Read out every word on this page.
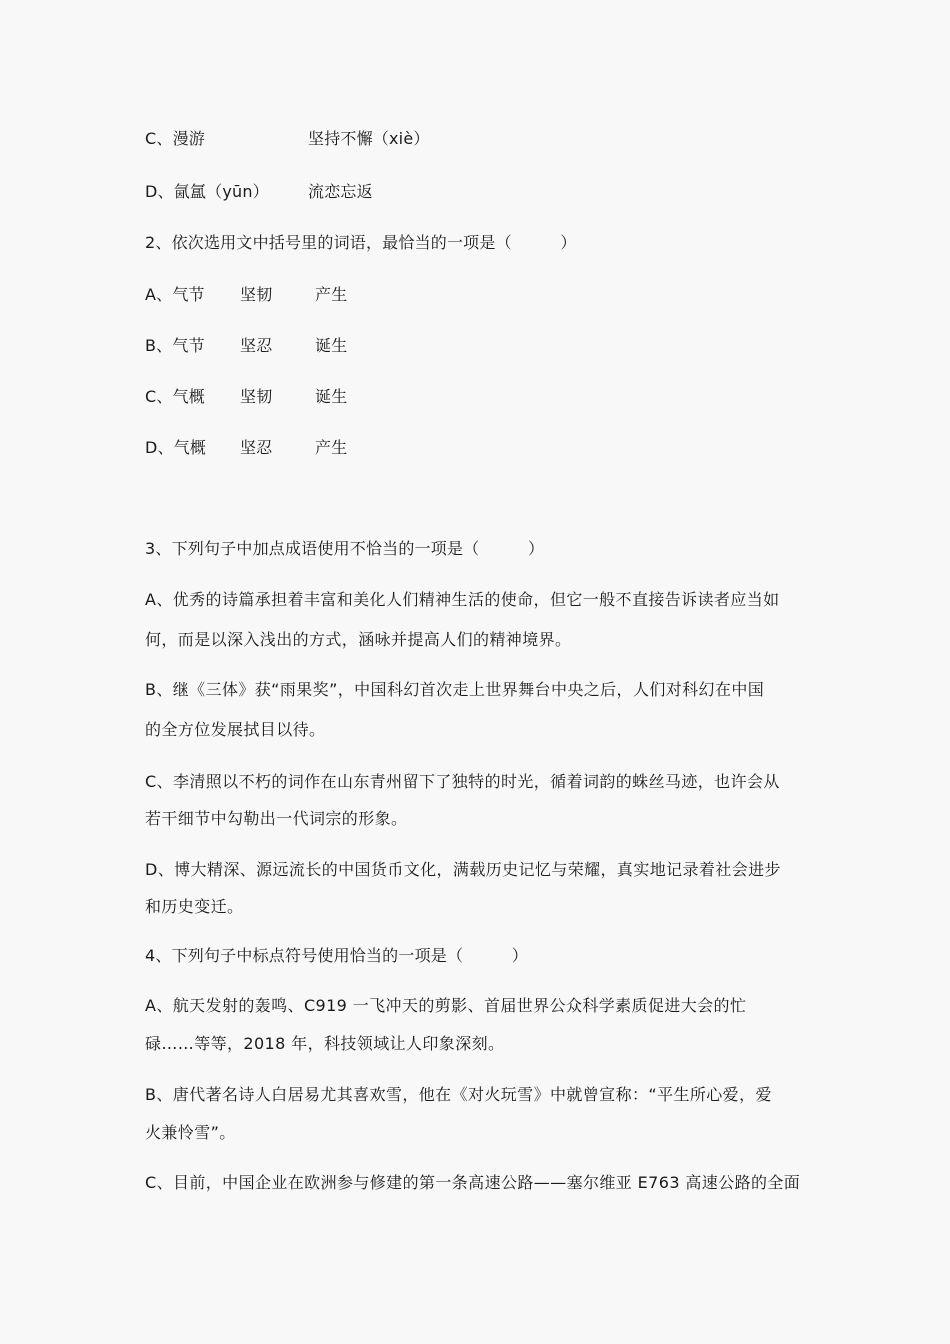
C、漫游	坚持不懈（xiè）
D、氤氲（yūn） 流恋忘返
2、依次选用文中括号里的词语，最恰当的一项是（　　　）
A、气节 坚韧	产生
B、气节 坚忍	诞生
C、气概 坚韧	诞生
D、气概 坚忍	产生
3、下列句子中加点成语使用不恰当的一项是（　　　）
A、优秀的诗篇承担着丰富和美化人们精神生活的使命，但它一般不直接告诉读者应当如
何，而是以深入浅出的方式，涵咏并提高人们的精神境界。
B、继《三体》获“雨果奖”，中国科幻首次走上世界舞台中央之后，人们对科幻在中国
的全方位发展拭目以待。
C、李清照以不朽的词作在山东青州留下了独特的时光，循着词韵的蛛丝马迹，也许会从
若干细节中勾勒出一代词宗的形象。
D、博大精深、源远流长的中国货币文化，满载历史记忆与荣耀，真实地记录着社会进步
和历史变迁。
4、下列句子中标点符号使用恰当的一项是（　　　）
A、航天发射的轰鸣、C919 一飞冲天的剪影、首届世界公众科学素质促进大会的忙
碌……等等，2018 年，科技领域让人印象深刻。
B、唐代著名诗人白居易尤其喜欢雪，他在《对火玩雪》中就曾宣称：“平生所心爱，爱
火兼怜雪”。
C、目前，中国企业在欧洲参与修建的第一条高速公路——塞尔维亚 E763 高速公路的全面
